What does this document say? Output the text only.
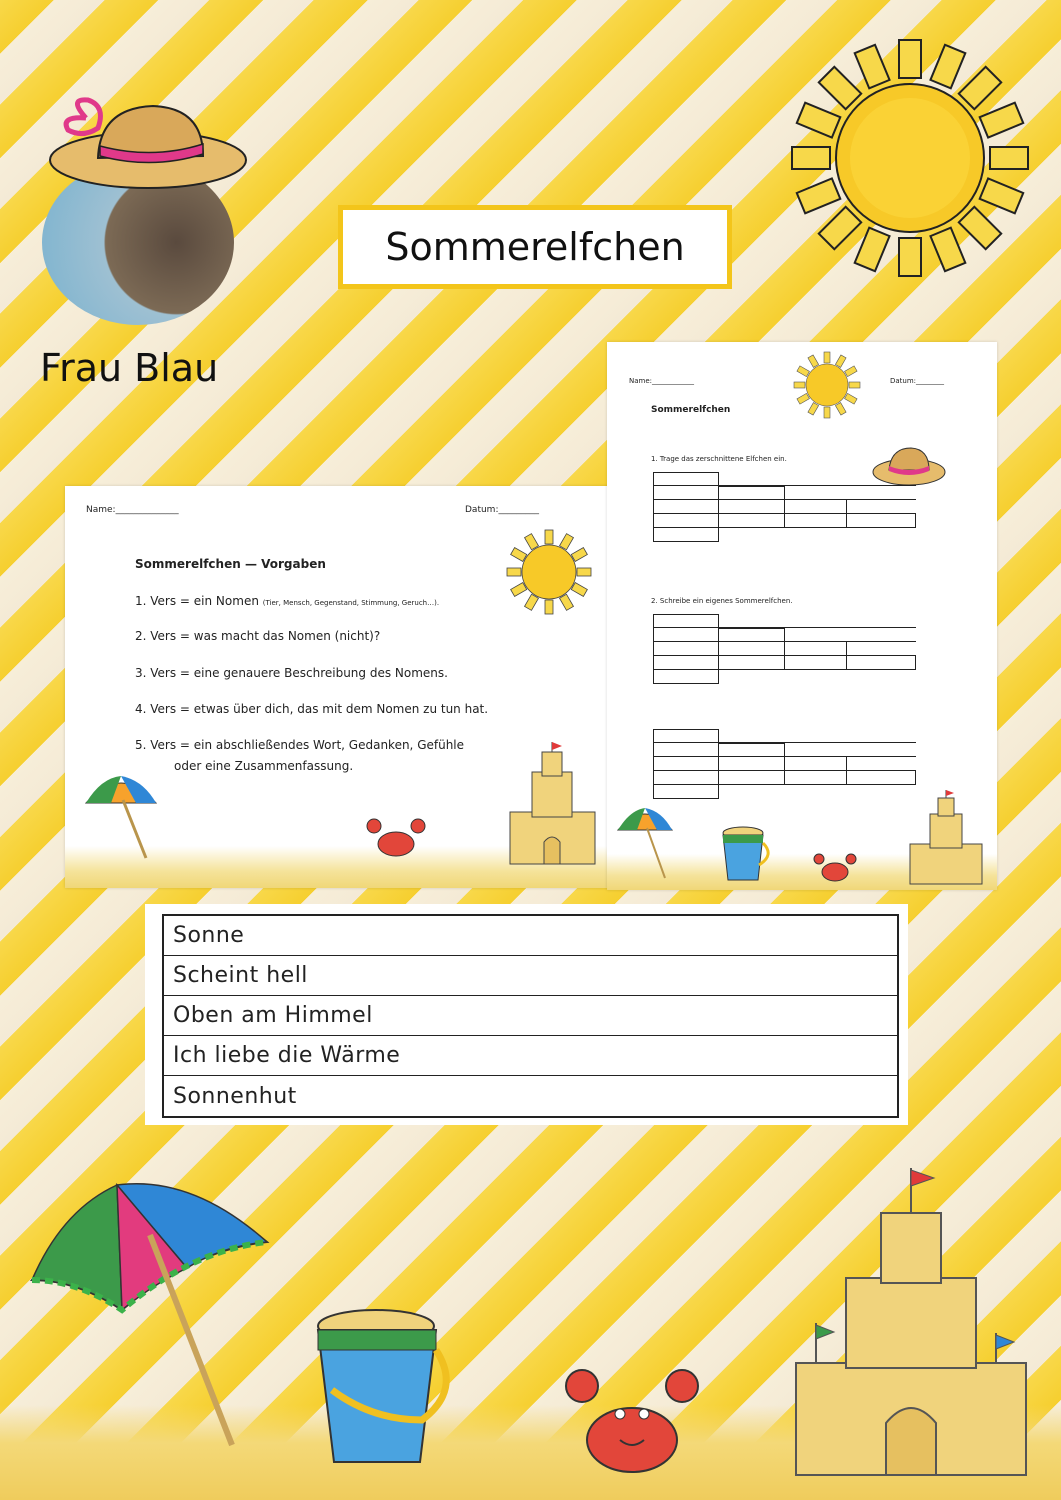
Frau Blau
Sommerelfchen
Name:______________	Datum:_________
Sommerelfchen — Vorgaben
1. Vers = ein Nomen (Tier, Mensch, Gegenstand, Stimmung, Geruch…).
2. Vers = was macht das Nomen (nicht)?
3. Vers = eine genauere Beschreibung des Nomens.
4. Vers = etwas über dich, das mit dem Nomen zu tun hat.
5. Vers = ein abschließendes Wort, Gedanken, Gefühle
oder eine Zusammenfassung.
Name:____________	Datum:________
Sommerelfchen
1. Trage das zerschnittene Elfchen ein.
2. Schreibe ein eigenes Sommerelfchen.
Sonne
Scheint hell
Oben am Himmel
Ich liebe die Wärme
Sonnenhut
